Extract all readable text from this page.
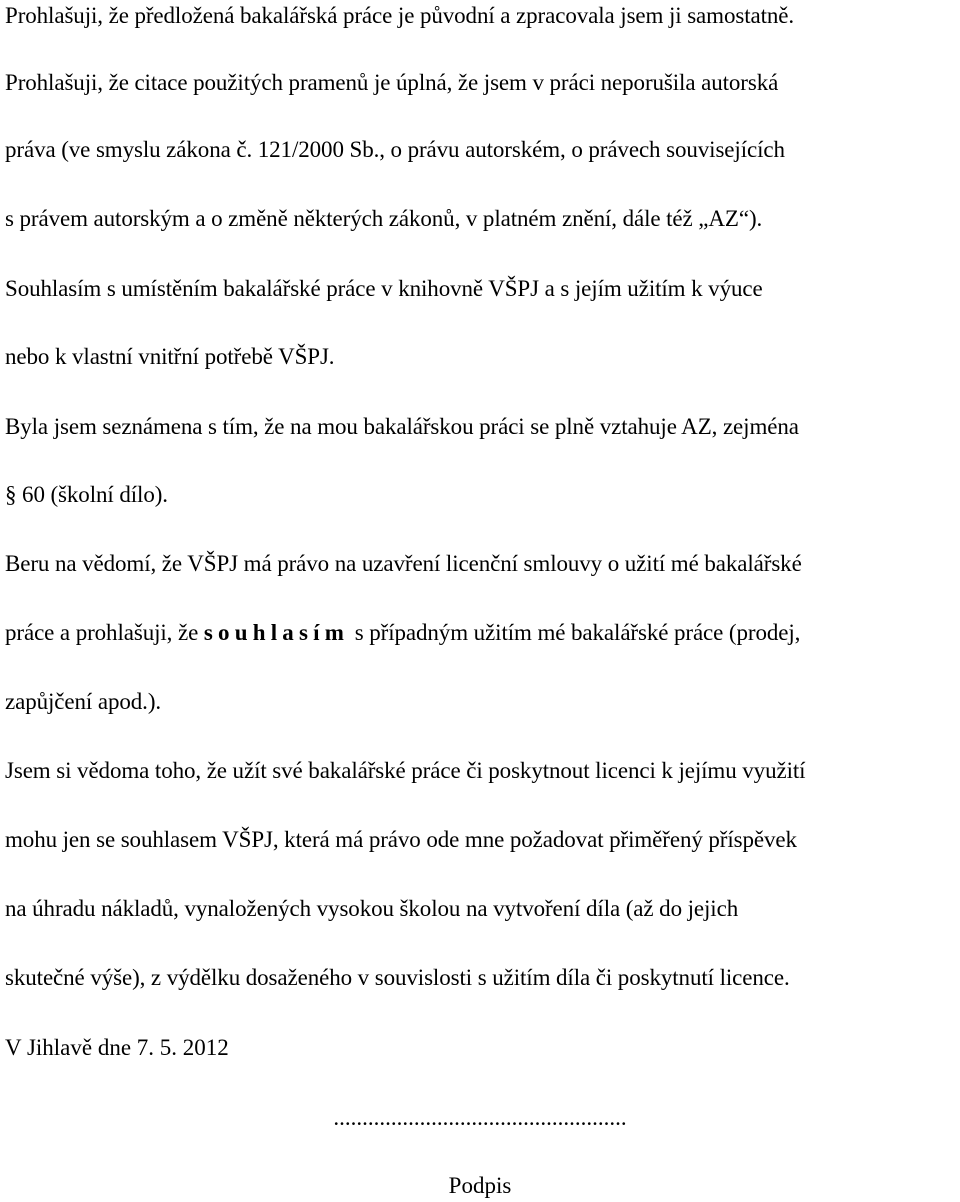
Prohlašuji, že předložená bakalářská práce je původní a zpracovala jsem ji samostatně.
Prohlašuji, že citace použitých pramenů je úplná, že jsem v práci neporušila autorská
práva (ve smyslu zákona č. 121/2000 Sb., o právu autorském, o právech souvisejících
s právem autorským a o změně některých zákonů, v platném znění, dále též „AZ“).
Souhlasím s umístěním bakalářské práce v knihovně VŠPJ a s jejím užitím k výuce
nebo k vlastní vnitřní potřebě VŠPJ.
Byla jsem seznámena s tím, že na mou bakalářskou práci se plně vztahuje AZ, zejména
§ 60 (školní dílo).
Beru na vědomí, že VŠPJ má právo na uzavření licenční smlouvy o užití mé bakalářské
práce a prohlašuji, že souhlasím s případným užitím mé bakalářské práce (prodej,
zapůjčení apod.).
Jsem si vědoma toho, že užít své bakalářské práce či poskytnout licenci k jejímu využití
mohu jen se souhlasem VŠPJ, která má právo ode mne požadovat přiměřený příspěvek
na úhradu nákladů, vynaložených vysokou školou na vytvoření díla (až do jejich
skutečné výše), z výdělku dosaženého v souvislosti s užitím díla či poskytnutí licence.
V Jihlavě dne 7. 5. 2012
...................................................
Podpis
